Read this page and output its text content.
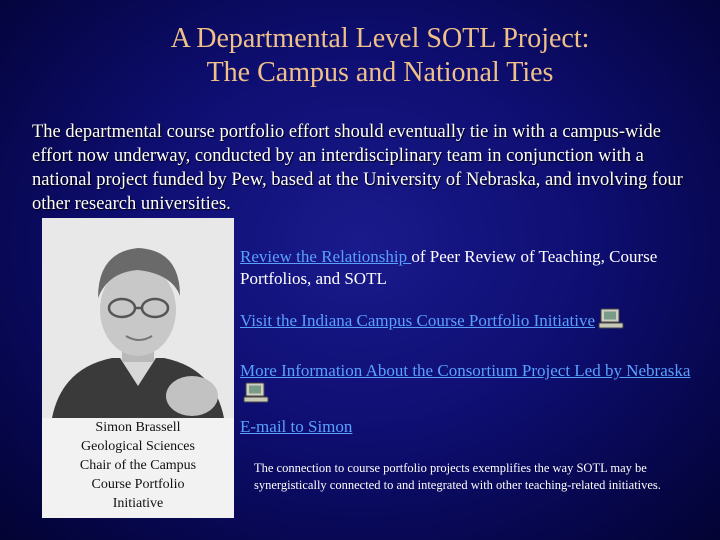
A Departmental Level SOTL Project:
The Campus and National Ties
The departmental course portfolio effort should eventually tie in with a campus-wide effort now underway, conducted by an interdisciplinary team in conjunction with a national project funded by Pew, based at the University of Nebraska, and involving four other research universities.
Simon Brassell
Geological Sciences
Chair of the Campus
Course Portfolio
Initiative
Review the Relationship of Peer Review of Teaching, Course Portfolios, and SOTL
Visit the Indiana Campus Course Portfolio Initiative
More Information About the Consortium Project Led by Nebraska
E-mail to Simon
The connection to course portfolio projects exemplifies the way SOTL may be synergistically connected to and integrated with other teaching-related initiatives.
